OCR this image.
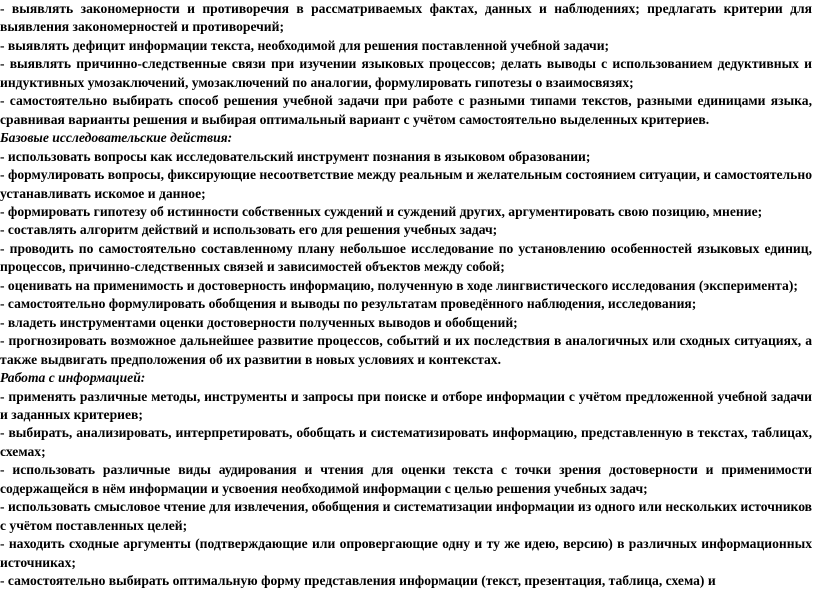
- выявлять закономерности и противоречия в рассматриваемых фактах, данных и наблюдениях; предлагать критерии для выявления закономерностей и противоречий;

- выявлять дефицит информации текста, необходимой для решения поставленной учебной задачи;

- выявлять причинно-следственные связи при изучении языковых процессов; делать выводы с использованием дедуктивных и индуктивных умозаключений, умозаключений по аналогии, формулировать гипотезы о взаимосвязях;

- самостоятельно выбирать способ решения учебной задачи при работе с разными типами текстов, разными единицами языка, сравнивая варианты решения и выбирая оптимальный вариант с учётом самостоятельно выделенных критериев.

Базовые исследовательские действия:

- использовать вопросы как исследовательский инструмент познания в языковом образовании;

- формулировать вопросы, фиксирующие несоответствие между реальным и желательным состоянием ситуации, и самостоятельно устанавливать искомое и данное;

- формировать гипотезу об истинности собственных суждений и суждений других, аргументировать свою позицию, мнение;

- составлять алгоритм действий и использовать его для решения учебных задач;

- проводить по самостоятельно составленному плану небольшое исследование по установлению особенностей языковых единиц, процессов, причинно-следственных связей и зависимостей объектов между собой;

- оценивать на применимость и достоверность информацию, полученную в ходе лингвистического исследования (эксперимента);

- самостоятельно формулировать обобщения и выводы по результатам проведённого наблюдения, исследования;

- владеть инструментами оценки достоверности полученных выводов и обобщений;

- прогнозировать возможное дальнейшее развитие процессов, событий и их последствия в аналогичных или сходных ситуациях, а также выдвигать предположения об их развитии в новых условиях и контекстах.

Работа с информацией:

- применять различные методы, инструменты и запросы при поиске и отборе информации с учётом предложенной учебной задачи и заданных критериев;

- выбирать, анализировать, интерпретировать, обобщать и систематизировать информацию, представленную в текстах, таблицах, схемах;

- использовать различные виды аудирования и чтения для оценки текста с точки зрения достоверности и применимости содержащейся в нём информации и усвоения необходимой информации с целью решения учебных задач;

- использовать смысловое чтение для извлечения, обобщения и систематизации информации из одного или нескольких источников с учётом поставленных целей;

- находить сходные аргументы (подтверждающие или опровергающие одну и ту же идею, версию) в различных информационных источниках;

- самостоятельно выбирать оптимальную форму представления информации (текст, презентация, таблица, схема) и
